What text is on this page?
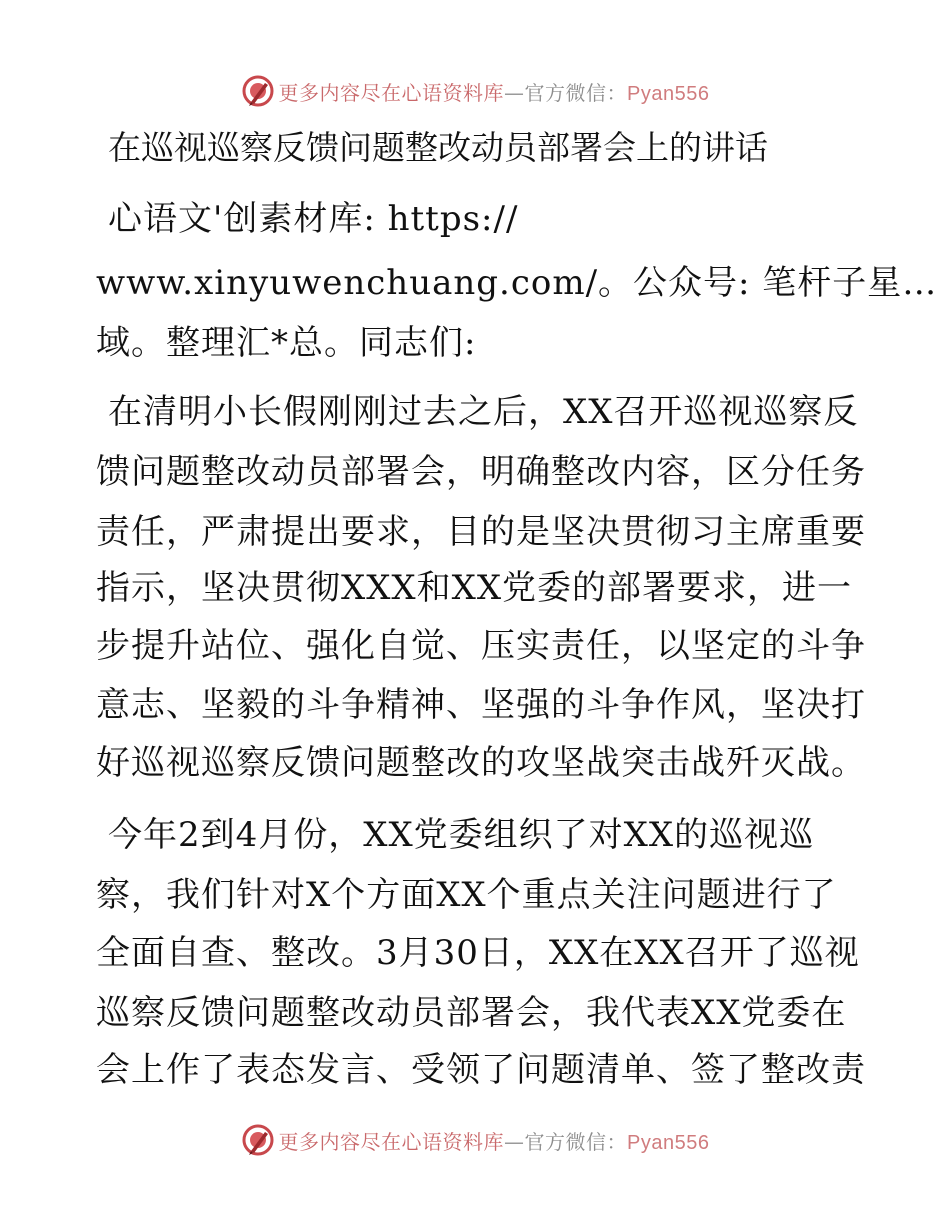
更多内容尽在心语资料库—官方微信：Pyan556
在巡视巡察反馈问题整改动员部署会上的讲话
心语文'创素材库: https://
www.xinyuwenchuang.com/。公众号: 笔杆子星…
域。整理汇*总。同志们:
在清明小长假刚刚过去之后，XX召开巡视巡察反
馈问题整改动员部署会，明确整改内容，区分任务
责任，严肃提出要求，目的是坚决贯彻习主席重要
指示，坚决贯彻XXX和XX党委的部署要求，进一
步提升站位、强化自觉、压实责任，以坚定的斗争
意志、坚毅的斗争精神、坚强的斗争作风，坚决打
好巡视巡察反馈问题整改的攻坚战突击战歼灭战。
今年2到4月份，XX党委组织了对XX的巡视巡
察，我们针对X个方面XX个重点关注问题进行了
全面自查、整改。3月30日，XX在XX召开了巡视
巡察反馈问题整改动员部署会，我代表XX党委在
会上作了表态发言、受领了问题清单、签了整改责
更多内容尽在心语资料库—官方微信：Pyan556
